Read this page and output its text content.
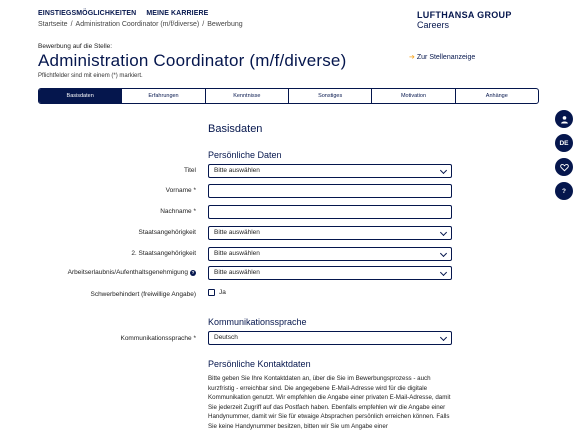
EINSTIEGSMÖGLICHKEITEN MEINE KARRIERE
Startseite / Administration Coordinator (m/f/diverse) / Bewerbung
LUFTHANSA GROUP
Careers
Bewerbung auf die Stelle:
Administration Coordinator (m/f/diverse)
Pflichtfelder sind mit einem (*) markiert.
➔ Zur Stellenanzeige
Basisdaten	Erfahrungen	Kenntnisse	Sonstiges	Motivation	Anhänge
Basisdaten
Persönliche Daten
Titel	Bitte auswählen
Vorname *
Nachname *
Staatsangehörigkeit	Bitte auswählen
2. Staatsangehörigkeit	Bitte auswählen
Arbeitserlaubnis/Aufenthaltsgenehmigung ?	Bitte auswählen
Schwerbehindert (freiwillige Angabe)	Ja
Kommunikationssprache
Kommunikationssprache *	Deutsch
Persönliche Kontaktdaten
Bitte geben Sie Ihre Kontaktdaten an, über die Sie im Bewerbungsprozess - auch kurzfristig - erreichbar sind. Die angegebene E-Mail-Adresse wird für die digitale Kommunikation genutzt. Wir empfehlen die Angabe einer privaten E-Mail-Adresse, damit Sie jederzeit Zugriff auf das Postfach haben. Ebenfalls empfehlen wir die Angabe einer Handynummer, damit wir Sie für etwaige Absprachen persönlich erreichen können. Falls Sie keine Handynummer besitzen, bitten wir Sie um Angabe einer
DE
?
